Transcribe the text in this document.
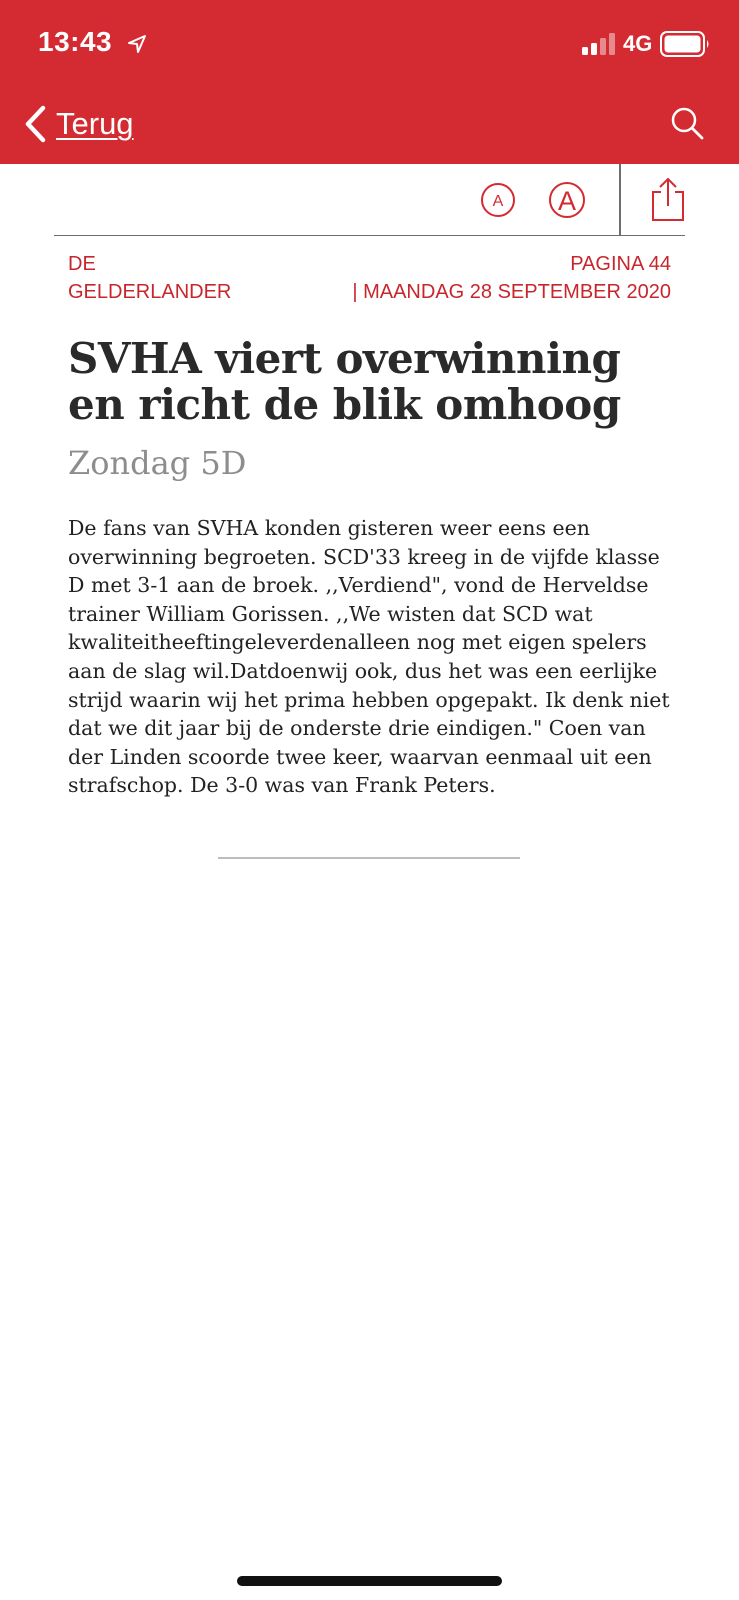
13:43	4G
Terug
A A
DE
GELDERLANDER
PAGINA 44
| MAANDAG 28 SEPTEMBER 2020
SVHA viert overwinning en richt de blik omhoog
Zondag 5D

De fans van SVHA konden gisteren weer eens een overwinning begroeten. SCD'33 kreeg in de vijfde klasse D met 3-1 aan de broek. ,,Verdiend", vond de Herveldse trainer William Gorissen. ,,We wisten dat SCD wat kwaliteitheeftingeleverdenalleen nog met eigen spelers aan de slag wil.Datdoenwij ook, dus het was een eerlijke strijd waarin wij het prima hebben opgepakt. Ik denk niet dat we dit jaar bij de onderste drie eindigen." Coen van der Linden scoorde twee keer, waarvan eenmaal uit een strafschop. De 3-0 was van Frank Peters.
